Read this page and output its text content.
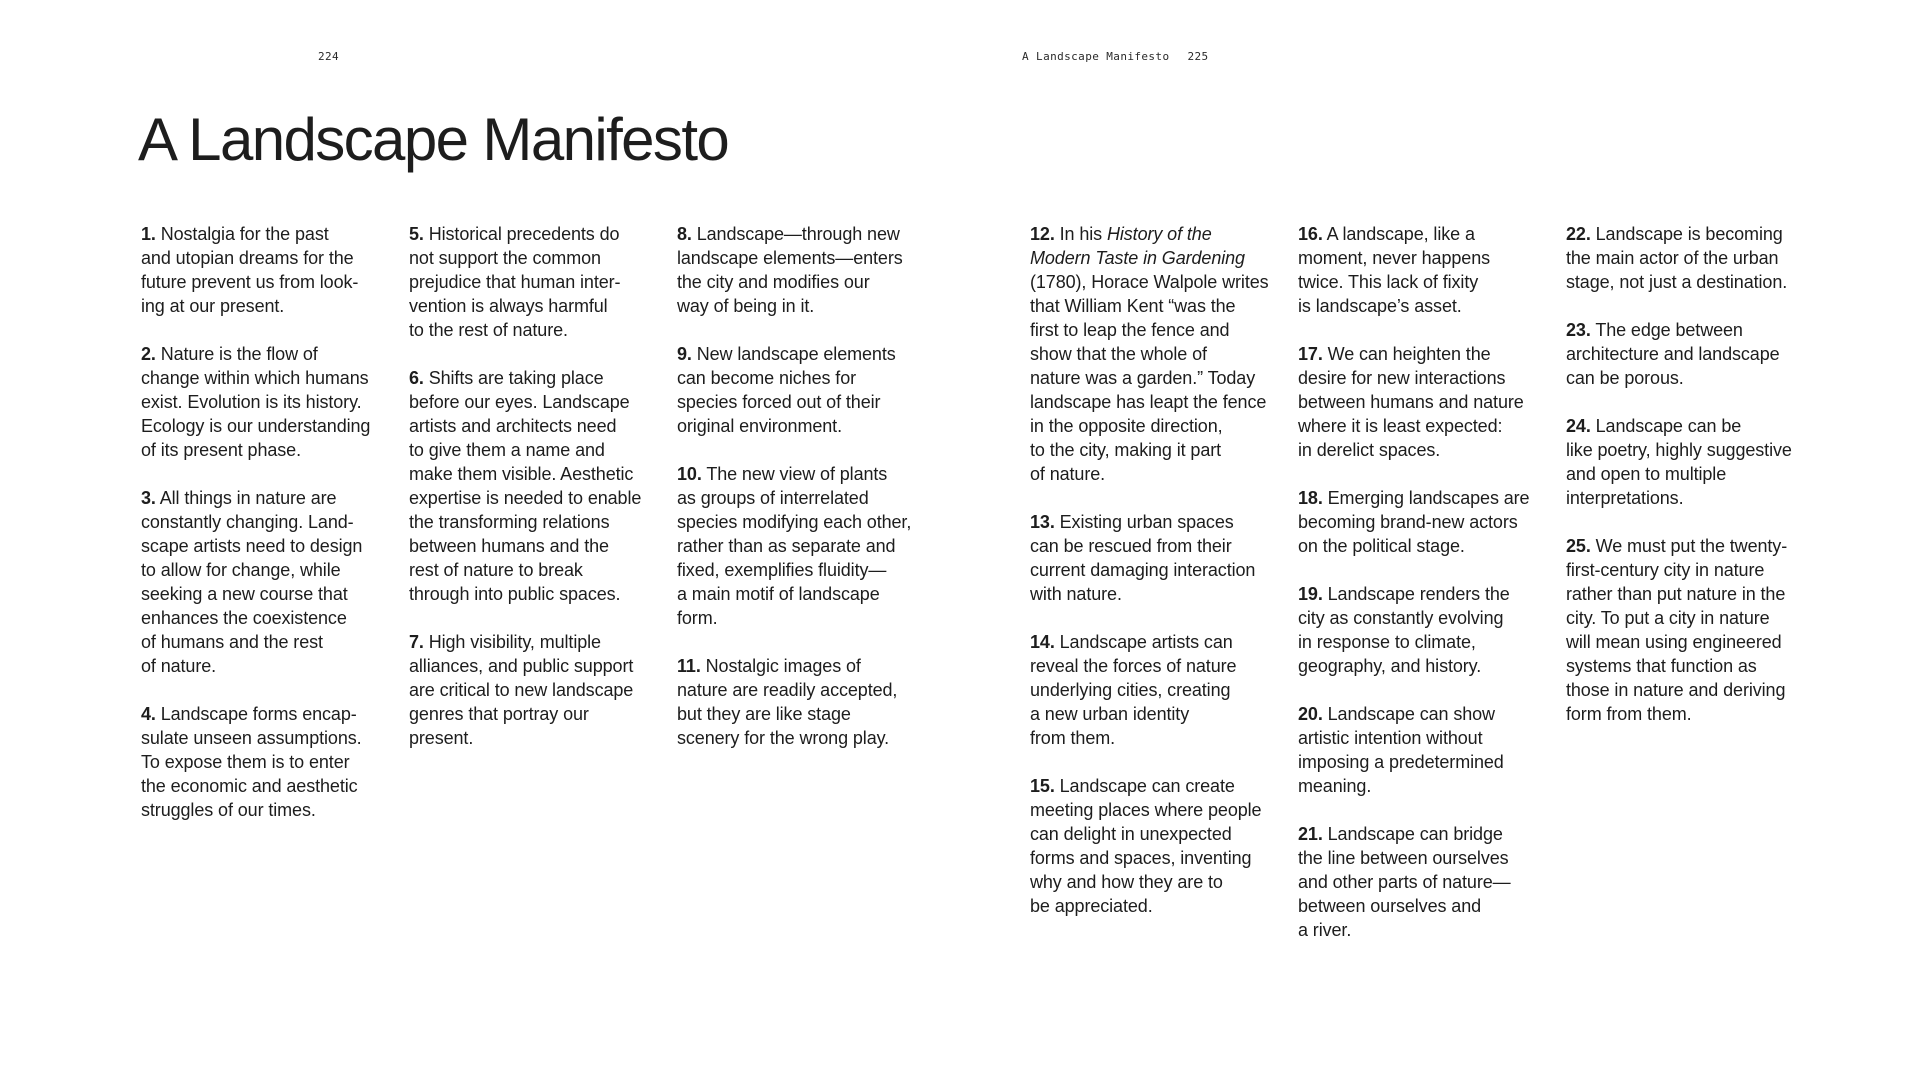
224	A Landscape Manifesto 225
A Landscape Manifesto

1. Nostalgia for the past
and utopian dreams for the
future prevent us from look-
ing at our present.

2. Nature is the flow of
change within which humans
exist. Evolution is its history.
Ecology is our understanding
of its present phase.

3. All things in nature are
constantly changing. Land-
scape artists need to design
to allow for change, while
seeking a new course that
enhances the coexistence
of humans and the rest
of nature.

4. Landscape forms encap-
sulate unseen assumptions.
To expose them is to enter
the economic and aesthetic
struggles of our times.

5. Historical precedents do
not support the common
prejudice that human inter-
vention is always harmful
to the rest of nature.

6. Shifts are taking place
before our eyes. Landscape
artists and architects need
to give them a name and
make them visible. Aesthetic
expertise is needed to enable
the transforming relations
between humans and the
rest of nature to break
through into public spaces.

7. High visibility, multiple
alliances, and public support
are critical to new landscape
genres that portray our
present.

8. Landscape—through new
landscape elements—enters
the city and modifies our
way of being in it.

9. New landscape elements
can become niches for
species forced out of their
original environment.

10. The new view of plants
as groups of interrelated
species modifying each other,
rather than as separate and
fixed, exemplifies fluidity—
a main motif of landscape
form.

11. Nostalgic images of
nature are readily accepted,
but they are like stage
scenery for the wrong play.

12. In his History of the
Modern Taste in Gardening
(1780), Horace Walpole writes
that William Kent “was the
first to leap the fence and
show that the whole of
nature was a garden.” Today
landscape has leapt the fence
in the opposite direction,
to the city, making it part
of nature.

13. Existing urban spaces
can be rescued from their
current damaging interaction
with nature.

14. Landscape artists can
reveal the forces of nature
underlying cities, creating
a new urban identity
from them.

15. Landscape can create
meeting places where people
can delight in unexpected
forms and spaces, inventing
why and how they are to
be appreciated.

16. A landscape, like a
moment, never happens
twice. This lack of fixity
is landscape’s asset.

17. We can heighten the
desire for new interactions
between humans and nature
where it is least expected:
in derelict spaces.

18. Emerging landscapes are
becoming brand-new actors
on the political stage.

19. Landscape renders the
city as constantly evolving
in response to climate,
geography, and history.

20. Landscape can show
artistic intention without
imposing a predetermined
meaning.

21. Landscape can bridge
the line between ourselves
and other parts of nature—
between ourselves and
a river.

22. Landscape is becoming
the main actor of the urban
stage, not just a destination.

23. The edge between
architecture and landscape
can be porous.

24. Landscape can be
like poetry, highly suggestive
and open to multiple
interpretations.

25. We must put the twenty-
first-century city in nature
rather than put nature in the
city. To put a city in nature
will mean using engineered
systems that function as
those in nature and deriving
form from them.
